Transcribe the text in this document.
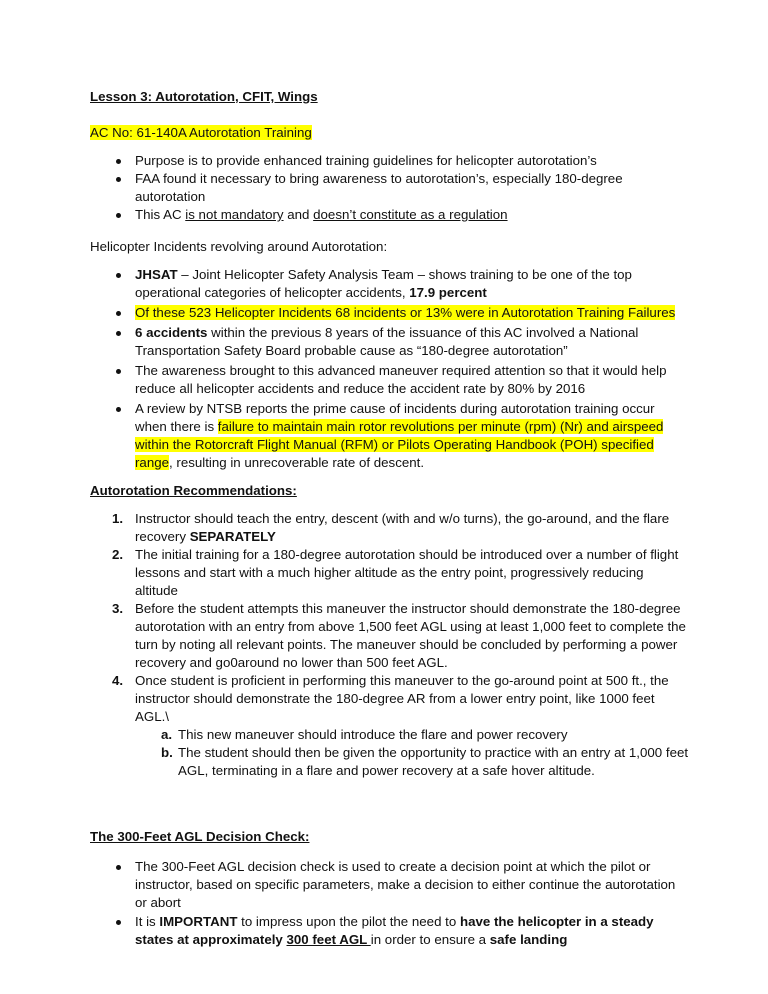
Lesson 3: Autorotation, CFIT, Wings

AC No: 61-140A Autorotation Training

Purpose is to provide enhanced training guidelines for helicopter autorotation’s
FAA found it necessary to bring awareness to autorotation’s, especially 180-degree autorotation
This AC is not mandatory and doesn’t constitute as a regulation

Helicopter Incidents revolving around Autorotation:

JHSAT – Joint Helicopter Safety Analysis Team – shows training to be one of the top operational categories of helicopter accidents, 17.9 percent
Of these 523 Helicopter Incidents 68 incidents or 13% were in Autorotation Training Failures
6 accidents within the previous 8 years of the issuance of this AC involved a National Transportation Safety Board probable cause as “180-degree autorotation”
The awareness brought to this advanced maneuver required attention so that it would help reduce all helicopter accidents and reduce the accident rate by 80% by 2016
A review by NTSB reports the prime cause of incidents during autorotation training occur when there is failure to maintain main rotor revolutions per minute (rpm) (Nr) and airspeed within the Rotorcraft Flight Manual (RFM) or Pilots Operating Handbook (POH) specified range, resulting in unrecoverable rate of descent.

Autorotation Recommendations:

1. Instructor should teach the entry, descent (with and w/o turns), the go-around, and the flare recovery SEPARATELY
2. The initial training for a 180-degree autorotation should be introduced over a number of flight lessons and start with a much higher altitude as the entry point, progressively reducing altitude
3. Before the student attempts this maneuver the instructor should demonstrate the 180-degree autorotation with an entry from above 1,500 feet AGL using at least 1,000 feet to complete the turn by noting all relevant points. The maneuver should be concluded by performing a power recovery and go0around no lower than 500 feet AGL.
4. Once student is proficient in performing this maneuver to the go-around point at 500 ft., the instructor should demonstrate the 180-degree AR from a lower entry point, like 1000 feet AGL.\
a. This new maneuver should introduce the flare and power recovery
b. The student should then be given the opportunity to practice with an entry at 1,000 feet AGL, terminating in a flare and power recovery at a safe hover altitude.

The 300-Feet AGL Decision Check:

The 300-Feet AGL decision check is used to create a decision point at which the pilot or instructor, based on specific parameters, make a decision to either continue the autorotation or abort
It is IMPORTANT to impress upon the pilot the need to have the helicopter in a steady states at approximately 300 feet AGL in order to ensure a safe landing
